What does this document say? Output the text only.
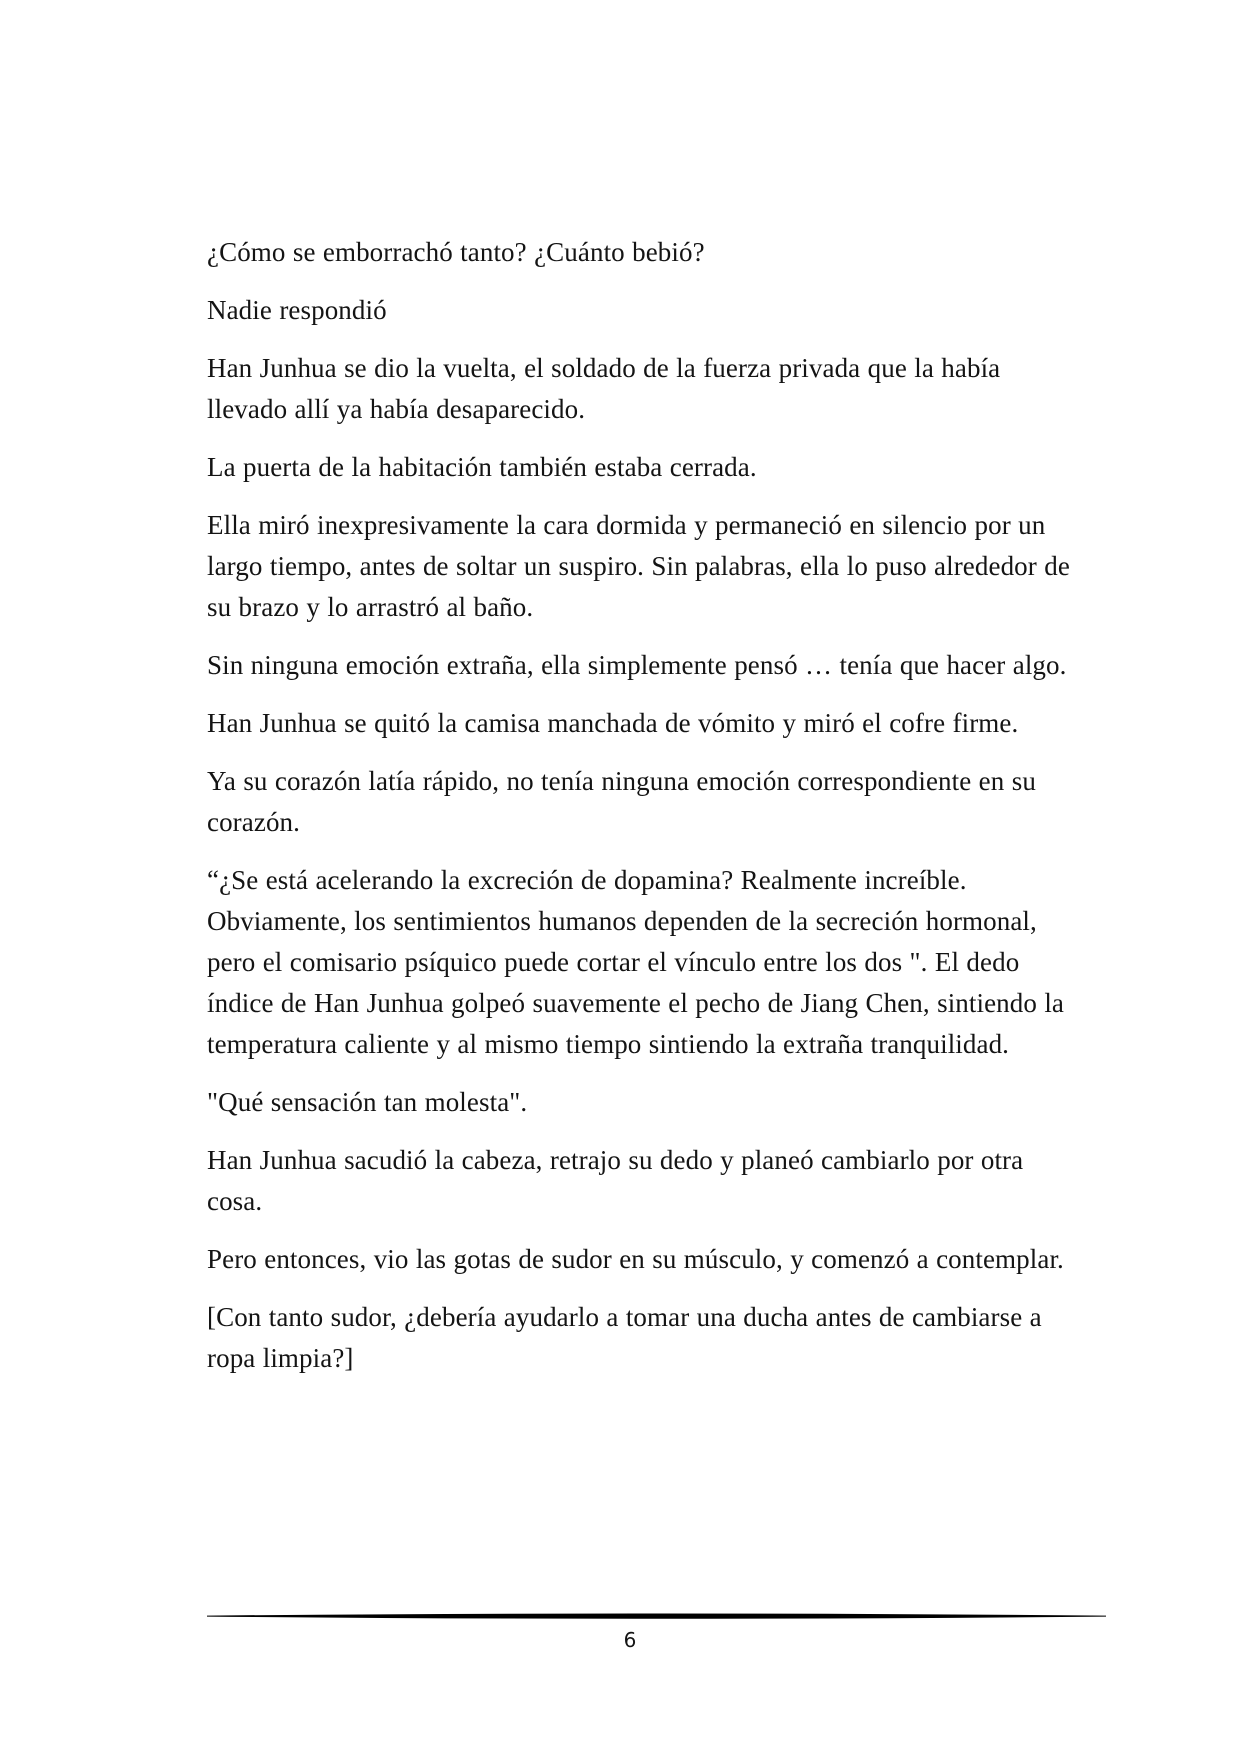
¿Cómo se emborrachó tanto? ¿Cuánto bebió?

Nadie respondió

Han Junhua se dio la vuelta, el soldado de la fuerza privada que la había llevado allí ya había desaparecido.

La puerta de la habitación también estaba cerrada.

Ella miró inexpresivamente la cara dormida y permaneció en silencio por un largo tiempo, antes de soltar un suspiro. Sin palabras, ella lo puso alrededor de su brazo y lo arrastró al baño.

Sin ninguna emoción extraña, ella simplemente pensó … tenía que hacer algo.

Han Junhua se quitó la camisa manchada de vómito y miró el cofre firme.

Ya su corazón latía rápido, no tenía ninguna emoción correspondiente en su corazón.

“¿Se está acelerando la excreción de dopamina? Realmente increíble. Obviamente, los sentimientos humanos dependen de la secreción hormonal, pero el comisario psíquico puede cortar el vínculo entre los dos ". El dedo índice de Han Junhua golpeó suavemente el pecho de Jiang Chen, sintiendo la temperatura caliente y al mismo tiempo sintiendo la extraña tranquilidad.

"Qué sensación tan molesta".

Han Junhua sacudió la cabeza, retrajo su dedo y planeó cambiarlo por otra cosa.

Pero entonces, vio las gotas de sudor en su músculo, y comenzó a contemplar.

[Con tanto sudor, ¿debería ayudarlo a tomar una ducha antes de cambiarse a ropa limpia?]

6
